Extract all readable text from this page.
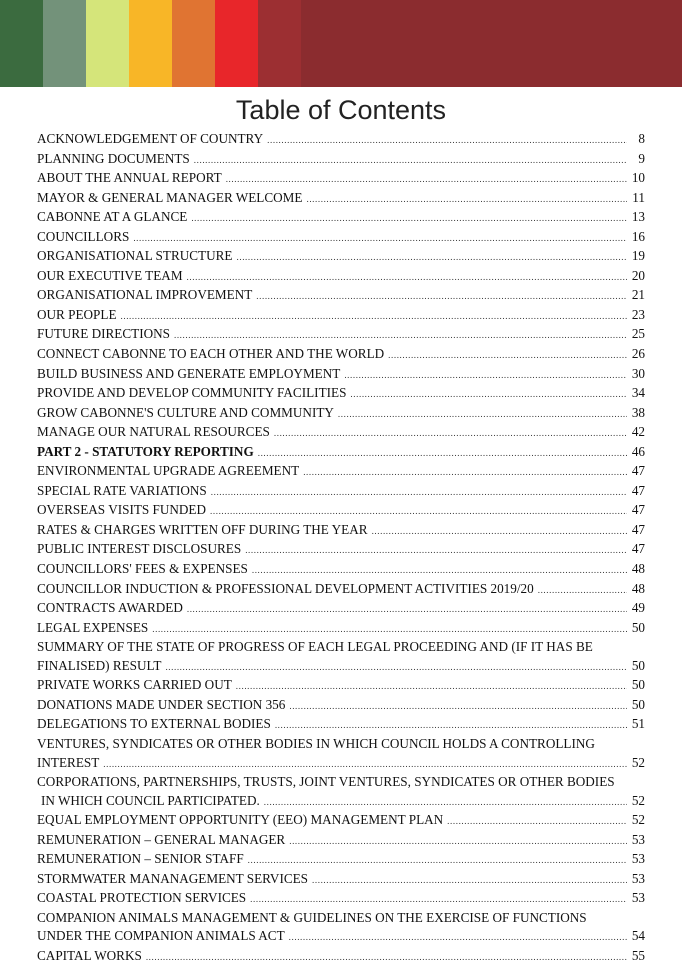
Table of Contents
ACKNOWLEDGEMENT OF COUNTRY .....	8
PLANNING DOCUMENTS .....	9
ABOUT THE ANNUAL REPORT .....	10
MAYOR & GENERAL MANAGER WELCOME .....	11
CABONNE AT A GLANCE .....	13
COUNCILLORS .....	16
ORGANISATIONAL STRUCTURE .....	19
OUR EXECUTIVE TEAM .....	20
ORGANISATIONAL IMPROVEMENT .....	21
OUR PEOPLE .....	23
FUTURE DIRECTIONS .....	25
CONNECT CABONNE TO EACH OTHER AND THE WORLD .....	26
BUILD BUSINESS AND GENERATE EMPLOYMENT .....	30
PROVIDE AND DEVELOP COMMUNITY FACILITIES .....	34
GROW CABONNE'S CULTURE AND COMMUNITY .....	38
MANAGE OUR NATURAL RESOURCES .....	42
PART 2 - STATUTORY REPORTING .....	46
ENVIRONMENTAL UPGRADE AGREEMENT .....	47
SPECIAL RATE VARIATIONS .....	47
OVERSEAS VISITS FUNDED .....	47
RATES & CHARGES WRITTEN OFF DURING THE YEAR .....	47
PUBLIC INTEREST DISCLOSURES .....	47
COUNCILLORS' FEES & EXPENSES .....	48
COUNCILLOR INDUCTION & PROFESSIONAL DEVELOPMENT ACTIVITIES 2019/20 .....	48
CONTRACTS AWARDED .....	49
LEGAL EXPENSES .....	50
SUMMARY OF THE STATE OF PROGRESS OF EACH LEGAL PROCEEDING AND (IF IT HAS BE
FINALISED) RESULT .....	50
PRIVATE WORKS CARRIED OUT .....	50
DONATIONS MADE UNDER SECTION 356 .....	50
DELEGATIONS TO EXTERNAL BODIES .....	51
VENTURES, SYNDICATES OR OTHER BODIES IN WHICH COUNCIL HOLDS A CONTROLLING
INTEREST .....	52
CORPORATIONS, PARTNERSHIPS, TRUSTS, JOINT VENTURES, SYNDICATES OR OTHER BODIES
IN WHICH COUNCIL PARTICIPATED. .....	52
EQUAL EMPLOYMENT OPPORTUNITY (EEO) MANAGEMENT PLAN .....	52
REMUNERATION – GENERAL MANAGER .....	53
REMUNERATION – SENIOR STAFF .....	53
STORMWATER MANANAGEMENT SERVICES .....	53
COASTAL PROTECTION SERVICES .....	53
COMPANION ANIMALS MANAGEMENT & GUIDELINES ON THE EXERCISE OF FUNCTIONS
UNDER THE COMPANION ANIMALS ACT .....	54
CAPITAL WORKS .....	55
